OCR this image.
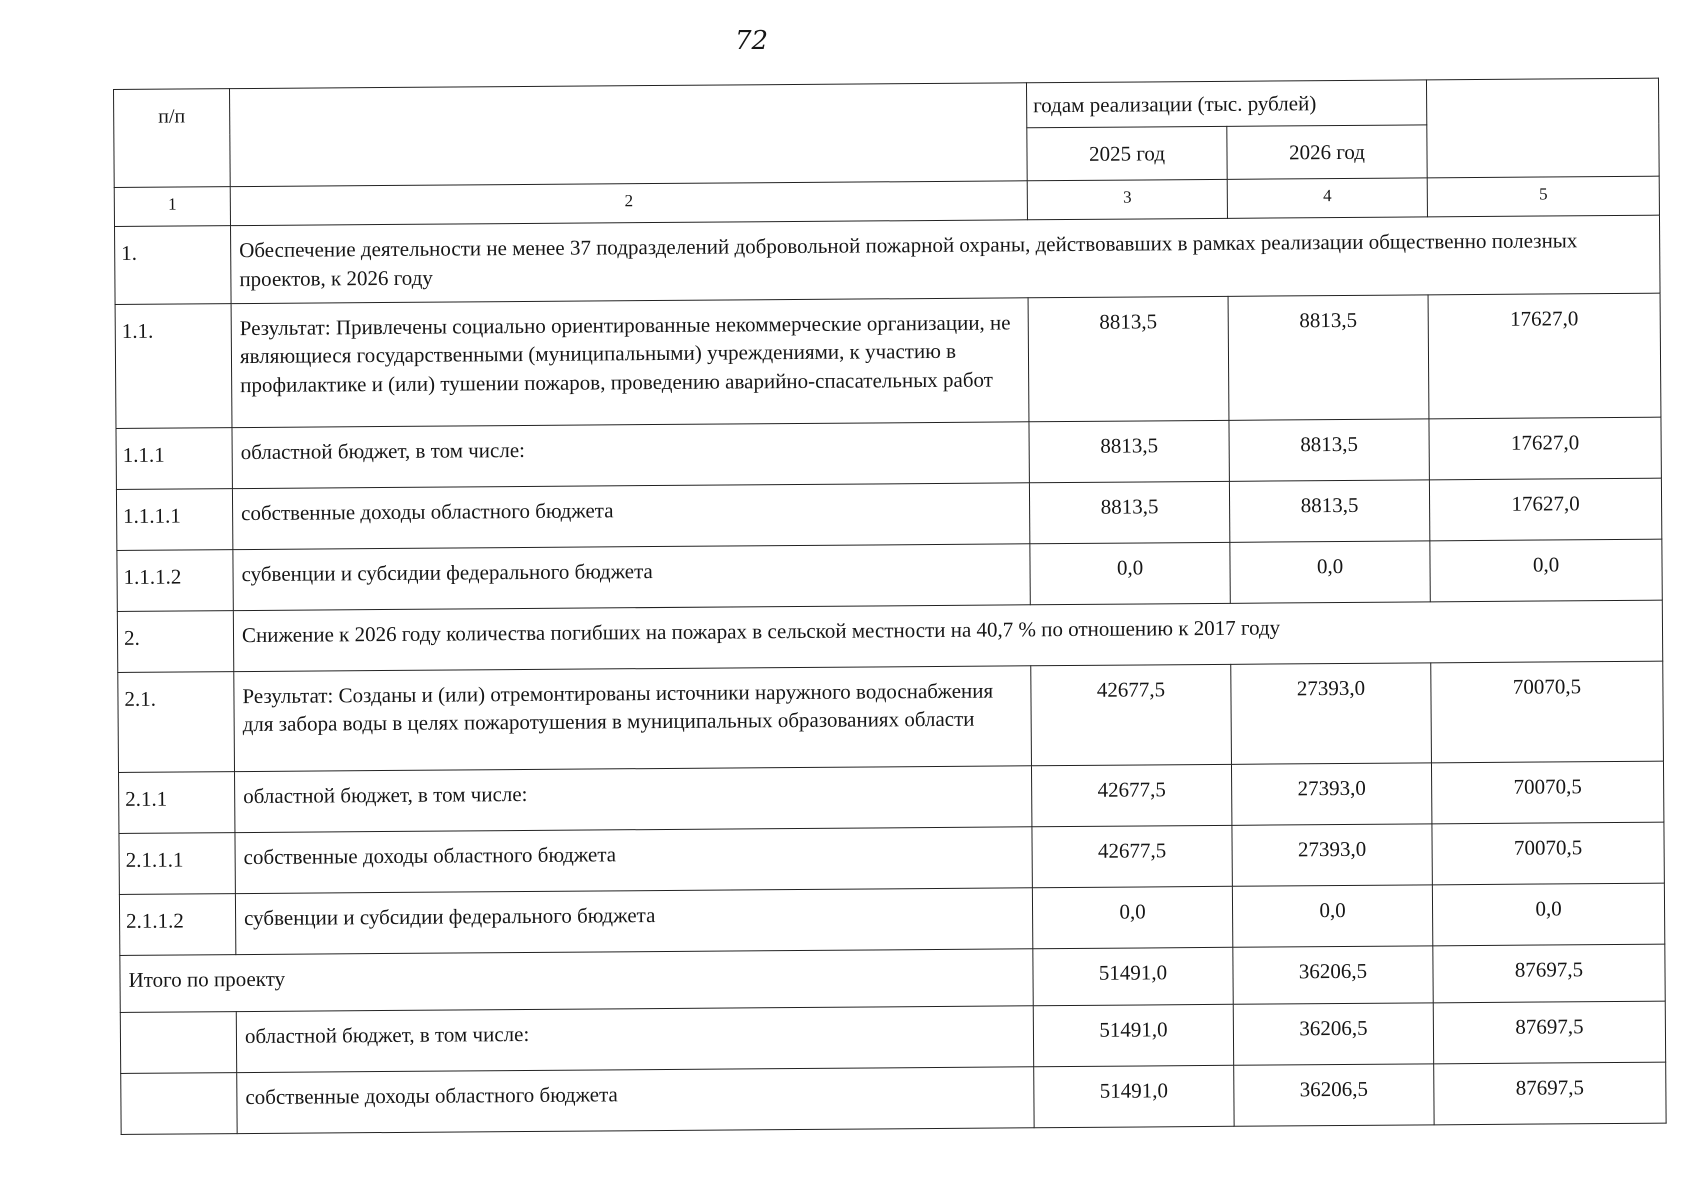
72
п/п		годам реализации (тыс. рублей)		
		2025 год	2026 год	
1	2	3	4	5
1.	Обеспечение деятельности не менее 37 подразделений добровольной пожарной охраны, действовавших в рамках реализации общественно полезных проектов, к 2026 году			
1.1.	Результат: Привлечены социально ориентированные некоммерческие организации, не являющиеся государственными (муниципальными) учреждениями, к участию в профилактике и (или) тушении пожаров, проведению аварийно-спасательных работ	8813,5	8813,5	17627,0
1.1.1	областной бюджет, в том числе:	8813,5	8813,5	17627,0
1.1.1.1	собственные доходы областного бюджета	8813,5	8813,5	17627,0
1.1.1.2	субвенции и субсидии федерального бюджета	0,0	0,0	0,0
2.	Снижение к 2026 году количества погибших на пожарах в сельской местности на 40,7 % по отношению к 2017 году			
2.1.	Результат: Созданы и (или) отремонтированы источники наружного водоснабжения для забора воды в целях пожаротушения в муниципальных образованиях области	42677,5	27393,0	70070,5
2.1.1	областной бюджет, в том числе:	42677,5	27393,0	70070,5
2.1.1.1	собственные доходы областного бюджета	42677,5	27393,0	70070,5
2.1.1.2	субвенции и субсидии федерального бюджета	0,0	0,0	0,0
Итого по проекту		51491,0	36206,5	87697,5
	областной бюджет, в том числе:	51491,0	36206,5	87697,5
	собственные доходы областного бюджета	51491,0	36206,5	87697,5
